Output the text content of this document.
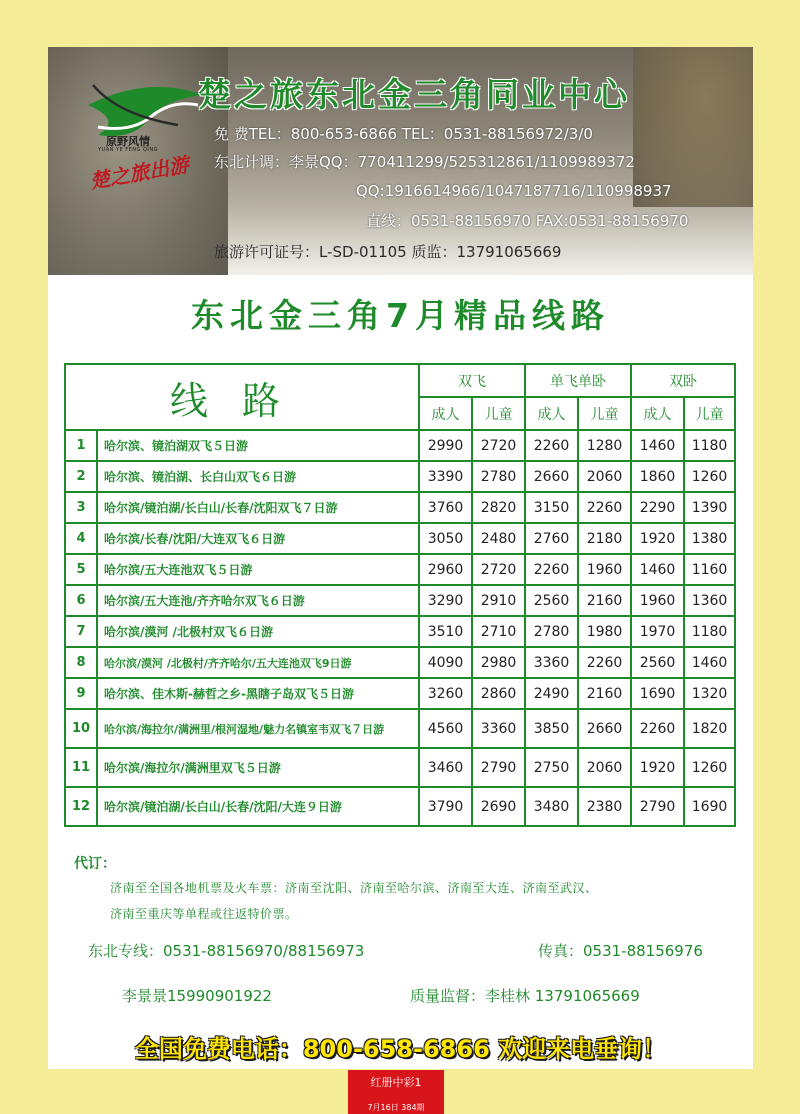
原野风情
YUAN YE FENG QING
楚之旅出游
楚之旅东北金三角同业中心
免 费TEL：800-653-6866 TEL：0531-88156972/3/0
东北计调：李景QQ：770411299/525312861/1109989372
QQ:1916614966/1047187716/110998937
直线：0531-88156970 FAX:0531-88156970
旅游许可证号：L-SD-01105 质监：13791065669
东北金三角7月精品线路
线路		双飞		单飞单卧		双卧	
		成人	儿童	成人	儿童	成人	儿童
1	哈尔滨、镜泊湖双飞５日游	2990	2720	2260	1280	1460	1180
2	哈尔滨、镜泊湖、长白山双飞６日游	3390	2780	2660	2060	1860	1260
3	哈尔滨/镜泊湖/长白山/长春/沈阳双飞７日游	3760	2820	3150	2260	2290	1390
4	哈尔滨/长春/沈阳/大连双飞６日游	3050	2480	2760	2180	1920	1380
5	哈尔滨/五大连池双飞５日游	2960	2720	2260	1960	1460	1160
6	哈尔滨/五大连池/齐齐哈尔双飞６日游	3290	2910	2560	2160	1960	1360
7	哈尔滨/漠河 /北极村双飞６日游	3510	2710	2780	1980	1970	1180
8	哈尔滨/漠河 /北极村/齐齐哈尔/五大连池双飞9日游	4090	2980	3360	2260	2560	1460
9	哈尔滨、佳木斯-赫哲之乡-黑瞎子岛双飞５日游	3260	2860	2490	2160	1690	1320
10	哈尔滨/海拉尔/满洲里/根河湿地/魅力名镇室韦双飞７日游	4560	3360	3850	2660	2260	1820
11	哈尔滨/海拉尔/满洲里双飞５日游	3460	2790	2750	2060	1920	1260
12	哈尔滨/镜泊湖/长白山/长春/沈阳/大连９日游	3790	2690	3480	2380	2790	1690
代订：
济南至全国各地机票及火车票：济南至沈阳、济南至哈尔滨、济南至大连、济南至武汉、
济南至重庆等单程或往返特价票。
东北专线：0531-88156970/88156973	传真：0531-88156976
李景景15990901922	质量监督：李桂林 13791065669
全国免费电话：800-658-6866 欢迎来电垂询！
红册中彩1
7月16日 384期
